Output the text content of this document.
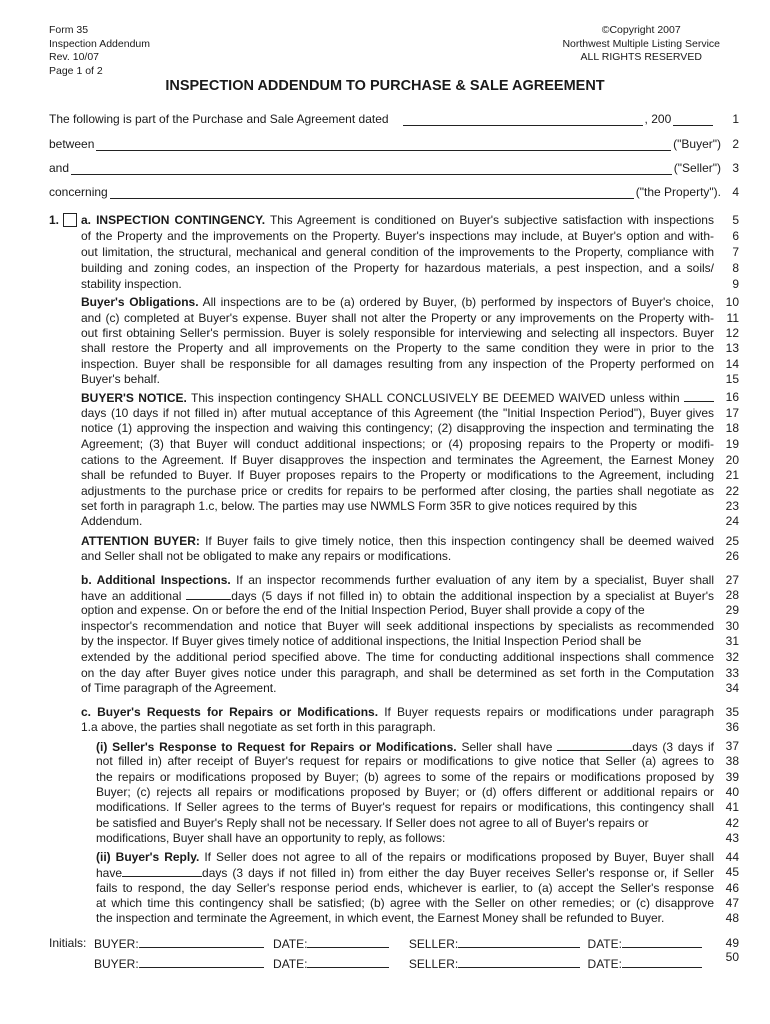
Form 35
Inspection Addendum
Rev. 10/07
Page 1 of 2
©Copyright 2007
Northwest Multiple Listing Service
ALL RIGHTS RESERVED
INSPECTION ADDENDUM TO PURCHASE & SALE AGREEMENT
The following is part of the Purchase and Sale Agreement dated	, 200	1
between	("Buyer") 2
and	("Seller") 3
concerning	("the Property"). 4
1. a. INSPECTION CONTINGENCY. This Agreement is conditioned on Buyer's subjective satisfaction with inspections	5
of the Property and the improvements on the Property. Buyer's inspections may include, at Buyer's option and with-	6
out limitation, the structural, mechanical and general condition of the improvements to the Property, compliance with	7
building and zoning codes, an inspection of the Property for hazardous materials, a pest inspection, and a soils/	8
stability inspection.	9
Buyer's Obligations. All inspections are to be (a) ordered by Buyer, (b) performed by inspectors of Buyer's choice, 10
and (c) completed at Buyer's expense. Buyer shall not alter the Property or any improvements on the Property with-	11
out first obtaining Seller's permission. Buyer is solely responsible for interviewing and selecting all inspectors. Buyer 12
shall restore the Property and all improvements on the Property to the same condition they were in prior to the 13
inspection. Buyer shall be responsible for all damages resulting from any inspection of the Property performed on 14
Buyer's behalf.	15
BUYER'S NOTICE. This inspection contingency SHALL CONCLUSIVELY BE DEEMED WAIVED unless within {_30}	16
days (10 days if not filled in) after mutual acceptance of this Agreement (the "Initial Inspection Period"), Buyer gives 17
notice (1) approving the inspection and waiving this contingency; (2) disapproving the inspection and terminating the 18
Agreement; (3) that Buyer will conduct additional inspections; or (4) proposing repairs to the Property or modifi- 19
cations to the Agreement. If Buyer disapproves the inspection and terminates the Agreement, the Earnest Money 20
shall be refunded to Buyer. If Buyer proposes repairs to the Property or modifications to the Agreement, including 21
adjustments to the purchase price or credits for repairs to be performed after closing, the parties shall negotiate as 22
set forth in paragraph 1.c, below. The parties may use NWMLS Form 35R to give notices required by this	23
Addendum.	24
ATTENTION BUYER: If Buyer fails to give timely notice, then this inspection contingency shall be deemed waived 25
and Seller shall not be obligated to make any repairs or modifications.	26
b. Additional Inspections. If an inspector recommends further evaluation of any item by a specialist, Buyer shall 27
have an additional {_45} days (5 days if not filled in) to obtain the additional inspection by a specialist at Buyer's 28
option and expense. On or before the end of the Initial Inspection Period, Buyer shall provide a copy of the	29
inspector's recommendation and notice that Buyer will seek additional inspections by specialists as recommended 30
by the inspector. If Buyer gives timely notice of additional inspections, the Initial Inspection Period shall be	31
extended by the additional period specified above. The time for conducting additional inspections shall commence 32
on the day after Buyer gives notice under this paragraph, and shall be determined as set forth in the Computation 33
of Time paragraph of the Agreement.	34
c. Buyer's Requests for Repairs or Modifications. If Buyer requests repairs or modifications under paragraph 35
1.a above, the parties shall negotiate as set forth in this paragraph.	36
(i) Seller's Response to Request for Repairs or Modifications. Seller shall have	{_75} days (3 days if 37
not filled in) after receipt of Buyer's request for repairs or modifications to give notice that Seller (a) agrees to 38
the repairs or modifications proposed by Buyer; (b) agrees to some of the repairs or modifications proposed by 39
Buyer; (c) rejects all repairs or modifications proposed by Buyer; or (d) offers different or additional repairs or 40
modifications. If Seller agrees to the terms of Buyer's request for repairs or modifications, this contingency shall 41
be satisfied and Buyer's Reply shall not be necessary. If Seller does not agree to all of Buyer's repairs or	42
modifications, Buyer shall have an opportunity to reply, as follows:	43
(ii) Buyer's Reply. If Seller does not agree to all of the repairs or modifications proposed by Buyer, Buyer shall 44
have	{_80}	days (3 days if not filled in) from either the day Buyer receives Seller's response or, if Seller 45
fails to respond, the day Seller's response period ends, whichever is earlier, to (a) accept the Seller's response 46
at which time this contingency shall be satisfied; (b) agree with the Seller on other remedies; or (c) disapprove 47
the inspection and terminate the Agreement, in which event, the Earnest Money shall be refunded to Buyer.	48
Initials: BUYER:	DATE:	SELLER:	DATE:	49
BUYER:	DATE:	SELLER:	DATE:	50
